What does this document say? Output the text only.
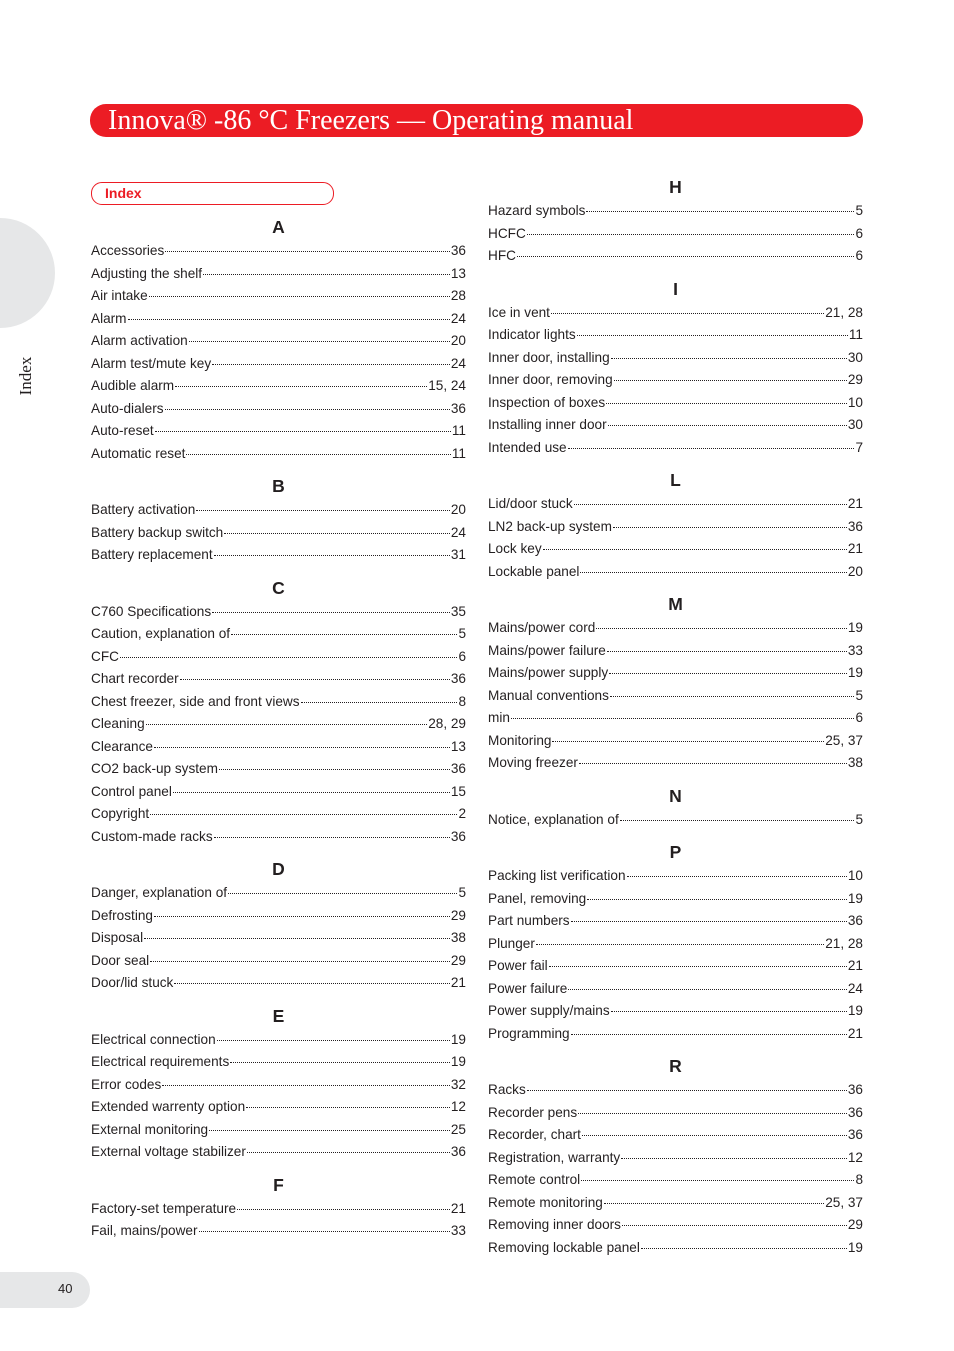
Innova® -86 °C Freezers — Operating manual
Index
Index
A
Accessories	36
Adjusting the shelf	13
Air intake	28
Alarm	24
Alarm activation	20
Alarm test/mute key	24
Audible alarm	15, 24
Auto-dialers	36
Auto-reset	11
Automatic reset	11
B
Battery activation	20
Battery backup switch	24
Battery replacement	31
C
C760 Specifications	35
Caution, explanation of	5
CFC	6
Chart recorder	36
Chest freezer, side and front views	8
Cleaning	28, 29
Clearance	13
CO2 back-up system	36
Control panel	15
Copyright	2
Custom-made racks	36
D
Danger, explanation of	5
Defrosting	29
Disposal	38
Door seal	29
Door/lid stuck	21
E
Electrical connection	19
Electrical requirements	19
Error codes	32
Extended warrenty option	12
External monitoring	25
External voltage stabilizer	36
F
Factory-set temperature	21
Fail, mains/power	33
H
Hazard symbols	5
HCFC	6
HFC	6
I
Ice in vent	21, 28
Indicator lights	11
Inner door, installing	30
Inner door, removing	29
Inspection of boxes	10
Installing inner door	30
Intended use	7
L
Lid/door stuck	21
LN2 back-up system	36
Lock key	21
Lockable panel	20
M
Mains/power cord	19
Mains/power failure	33
Mains/power supply	19
Manual conventions	5
min	6
Monitoring	25, 37
Moving freezer	38
N
Notice, explanation of	5
P
Packing list verification	10
Panel, removing	19
Part numbers	36
Plunger	21, 28
Power fail	21
Power failure	24
Power supply/mains	19
Programming	21
R
Racks	36
Recorder pens	36
Recorder, chart	36
Registration, warranty	12
Remote control	8
Remote monitoring	25, 37
Removing inner doors	29
Removing lockable panel	19
40
